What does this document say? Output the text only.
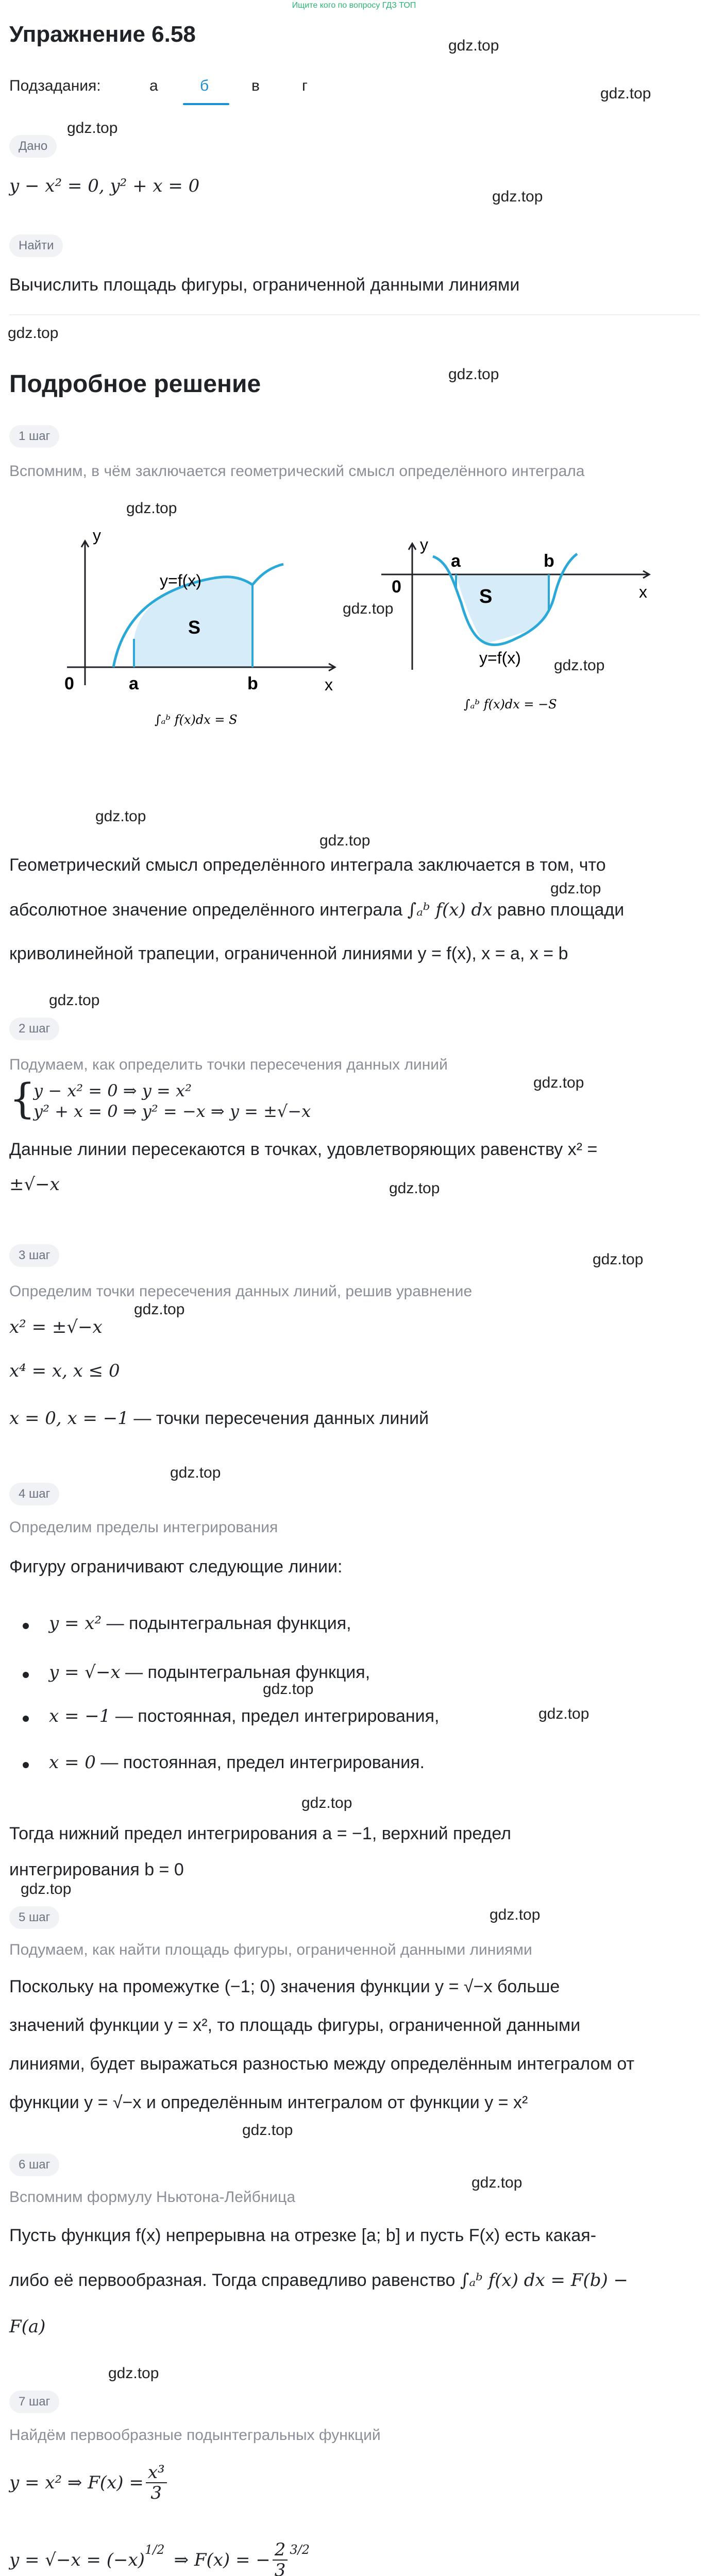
Ищите кого по вопросу ГДЗ ТОП
Упражнение 6.58
Подзадания:	а	б	в	г
gdz.top
gdz.top
gdz.top
gdz.top
gdz.top
gdz.top
Дано
y − x² = 0, y² + x = 0
Найти
Вычислить площадь фигуры, ограниченной данными линиями
Подробное решение
1 шаг
Вспомним, в чём заключается геометрический смысл определённого интеграла
gdz.top
y
x
0	a	b
y=f(x)
S
∫ₐᵇ f(x)dx = S
y
x
0
a	b
S
y=f(x)
∫ₐᵇ f(x)dx = −S
gdz.top
gdz.top
gdz.top
gdz.top
gdz.top
Геометрический смысл определённого интеграла заключается в том, что
абсолютное значение определённого интеграла ∫ₐᵇ f(x) dx равно площади
криволинейной трапеции, ограниченной линиями y = f(x), x = a, x = b
gdz.top
2 шаг
gdz.top
Подумаем, как определить точки пересечения данных линий
{
y − x² = 0 ⇒ y = x²
y² + x = 0 ⇒ y² = −x ⇒ y = ±√−x
Данные линии пересекаются в точках, удовлетворяющих равенству x² =
±√−x	gdz.top
gdz.top
3 шаг
Определим точки пересечения данных линий, решив уравнение
gdz.top
x² = ±√−x
x⁴ = x, x ≤ 0
x = 0, x = −1 — точки пересечения данных линий
gdz.top
4 шаг
Определим пределы интегрирования
Фигуру ограничивают следующие линии:
y = x² — подынтегральная функция,
y = √−x — подынтегральная функция,
gdz.top
x = −1 — постоянная, предел интегрирования,	gdz.top
x = 0 — постоянная, предел интегрирования.
gdz.top
Тогда нижний предел интегрирования a = −1, верхний предел
интегрирования b = 0
gdz.top
5 шаг	gdz.top
Подумаем, как найти площадь фигуры, ограниченной данными линиями
Поскольку на промежутке (−1; 0) значения функции y = √−x больше
значений функции y = x², то площадь фигуры, ограниченной данными
линиями, будет выражаться разностью между определённым интегралом от
функции y = √−x и определённым интегралом от функции y = x²
gdz.top
6 шаг
gdz.top
Вспомним формулу Ньютона-Лейбница
Пусть функция f(x) непрерывна на отрезке [a; b] и пусть F(x) есть какая-
либо её первообразная. Тогда справедливо равенство ∫ₐᵇ f(x) dx = F(b) −
F(a)
gdz.top
7 шаг
Найдём первообразные подынтегральных функций
y = x² ⇒ $F(x) = \frac{\text{x³}}{3}$
y = √−x = (−x) 1/2 ⇒ F(x) = − $\frac{2}{3} 3/2$
